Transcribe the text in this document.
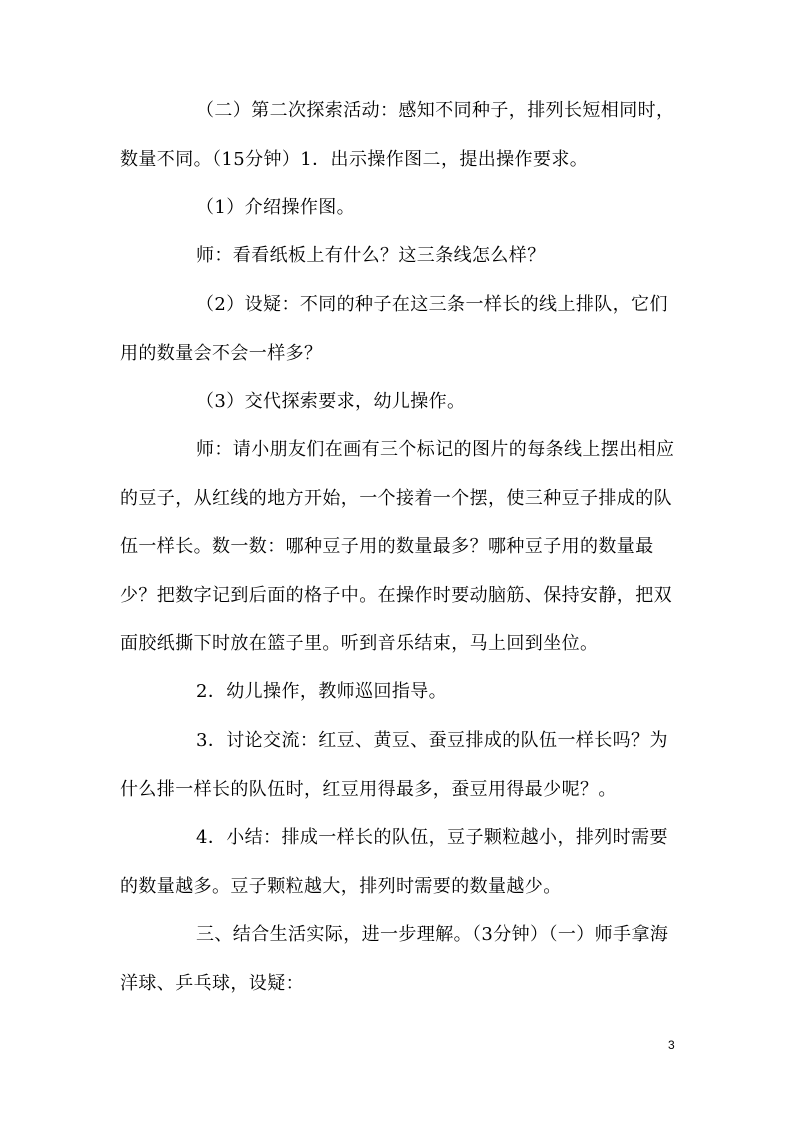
（二）第二次探索活动：感知不同种子，排列长短相同时，数量不同。（15分钟）1．出示操作图二，提出操作要求。

（1）介绍操作图。

师：看看纸板上有什么？这三条线怎么样？

（2）设疑：不同的种子在这三条一样长的线上排队，它们用的数量会不会一样多？

（3）交代探索要求，幼儿操作。

师：请小朋友们在画有三个标记的图片的每条线上摆出相应的豆子，从红线的地方开始，一个接着一个摆，使三种豆子排成的队伍一样长。数一数：哪种豆子用的数量最多？哪种豆子用的数量最少？把数字记到后面的格子中。在操作时要动脑筋、保持安静，把双面胶纸撕下时放在篮子里。听到音乐结束，马上回到坐位。

2．幼儿操作，教师巡回指导。

3．讨论交流：红豆、黄豆、蚕豆排成的队伍一样长吗？为什么排一样长的队伍时，红豆用得最多，蚕豆用得最少呢？。

4．小结：排成一样长的队伍，豆子颗粒越小，排列时需要的数量越多。豆子颗粒越大，排列时需要的数量越少。

三、结合生活实际，进一步理解。（3分钟）（一）师手拿海洋球、乒乓球，设疑：

3
